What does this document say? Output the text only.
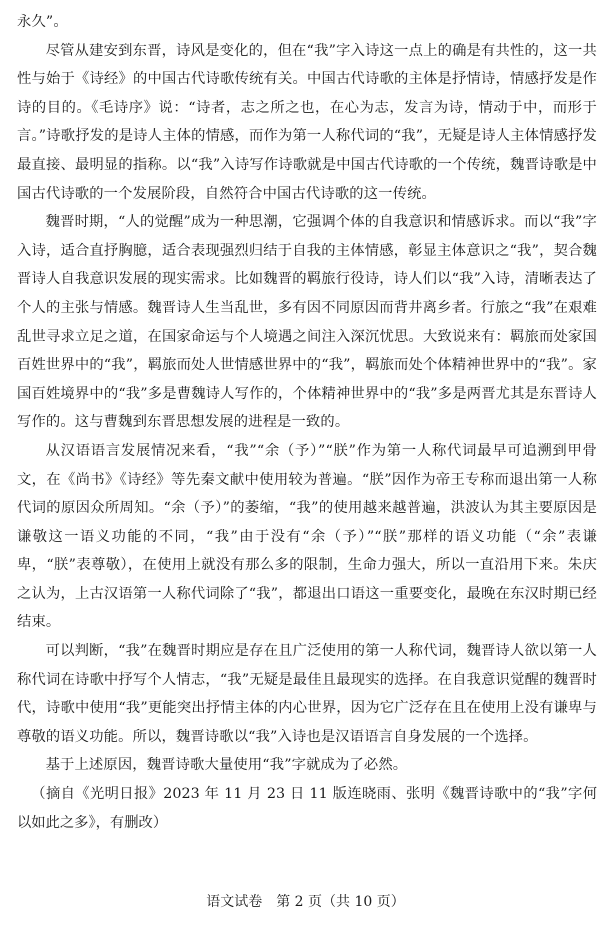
永久”。

尽管从建安到东晋，诗风是变化的，但在“我”字入诗这一点上的确是有共性的，这一共性与始于《诗经》的中国古代诗歌传统有关。中国古代诗歌的主体是抒情诗，情感抒发是作诗的目的。《毛诗序》说：“诗者，志之所之也，在心为志，发言为诗，情动于中，而形于言。”诗歌抒发的是诗人主体的情感，而作为第一人称代词的“我”，无疑是诗人主体情感抒发最直接、最明显的指称。以“我”入诗写作诗歌就是中国古代诗歌的一个传统，魏晋诗歌是中国古代诗歌的一个发展阶段，自然符合中国古代诗歌的这一传统。

魏晋时期，“人的觉醒”成为一种思潮，它强调个体的自我意识和情感诉求。而以“我”字入诗，适合直抒胸臆，适合表现强烈归结于自我的主体情感，彰显主体意识之“我”，契合魏晋诗人自我意识发展的现实需求。比如魏晋的羁旅行役诗，诗人们以“我”入诗，清晰表达了个人的主张与情感。魏晋诗人生当乱世，多有因不同原因而背井离乡者。行旅之“我”在艰难乱世寻求立足之道，在国家命运与个人境遇之间注入深沉忧思。大致说来有：羁旅而处家国百姓世界中的“我”，羁旅而处人世情感世界中的“我”，羁旅而处个体精神世界中的“我”。家国百姓境界中的“我”多是曹魏诗人写作的，个体精神世界中的“我”多是两晋尤其是东晋诗人写作的。这与曹魏到东晋思想发展的进程是一致的。

从汉语语言发展情况来看，“我”“余（予）”“朕”作为第一人称代词最早可追溯到甲骨文，在《尚书》《诗经》等先秦文献中使用较为普遍。“朕”因作为帝王专称而退出第一人称代词的原因众所周知。“余（予）”的萎缩，“我”的使用越来越普遍，洪波认为其主要原因是谦敬这一语义功能的不同，“我”由于没有“余（予）”“朕”那样的语义功能（“余”表谦卑，“朕”表尊敬），在使用上就没有那么多的限制，生命力强大，所以一直沿用下来。朱庆之认为，上古汉语第一人称代词除了“我”，都退出口语这一重要变化，最晚在东汉时期已经结束。

可以判断，“我”在魏晋时期应是存在且广泛使用的第一人称代词，魏晋诗人欲以第一人称代词在诗歌中抒写个人情志，“我”无疑是最佳且最现实的选择。在自我意识觉醒的魏晋时代，诗歌中使用“我”更能突出抒情主体的内心世界，因为它广泛存在且在使用上没有谦卑与尊敬的语义功能。所以，魏晋诗歌以“我”入诗也是汉语语言自身发展的一个选择。

基于上述原因，魏晋诗歌大量使用“我”字就成为了必然。

（摘自《光明日报》2023 年 11 月 23 日 11 版连晓雨、张明《魏晋诗歌中的“我”字何以如此之多》，有删改）

语文试卷　第 2 页（共 10 页）
